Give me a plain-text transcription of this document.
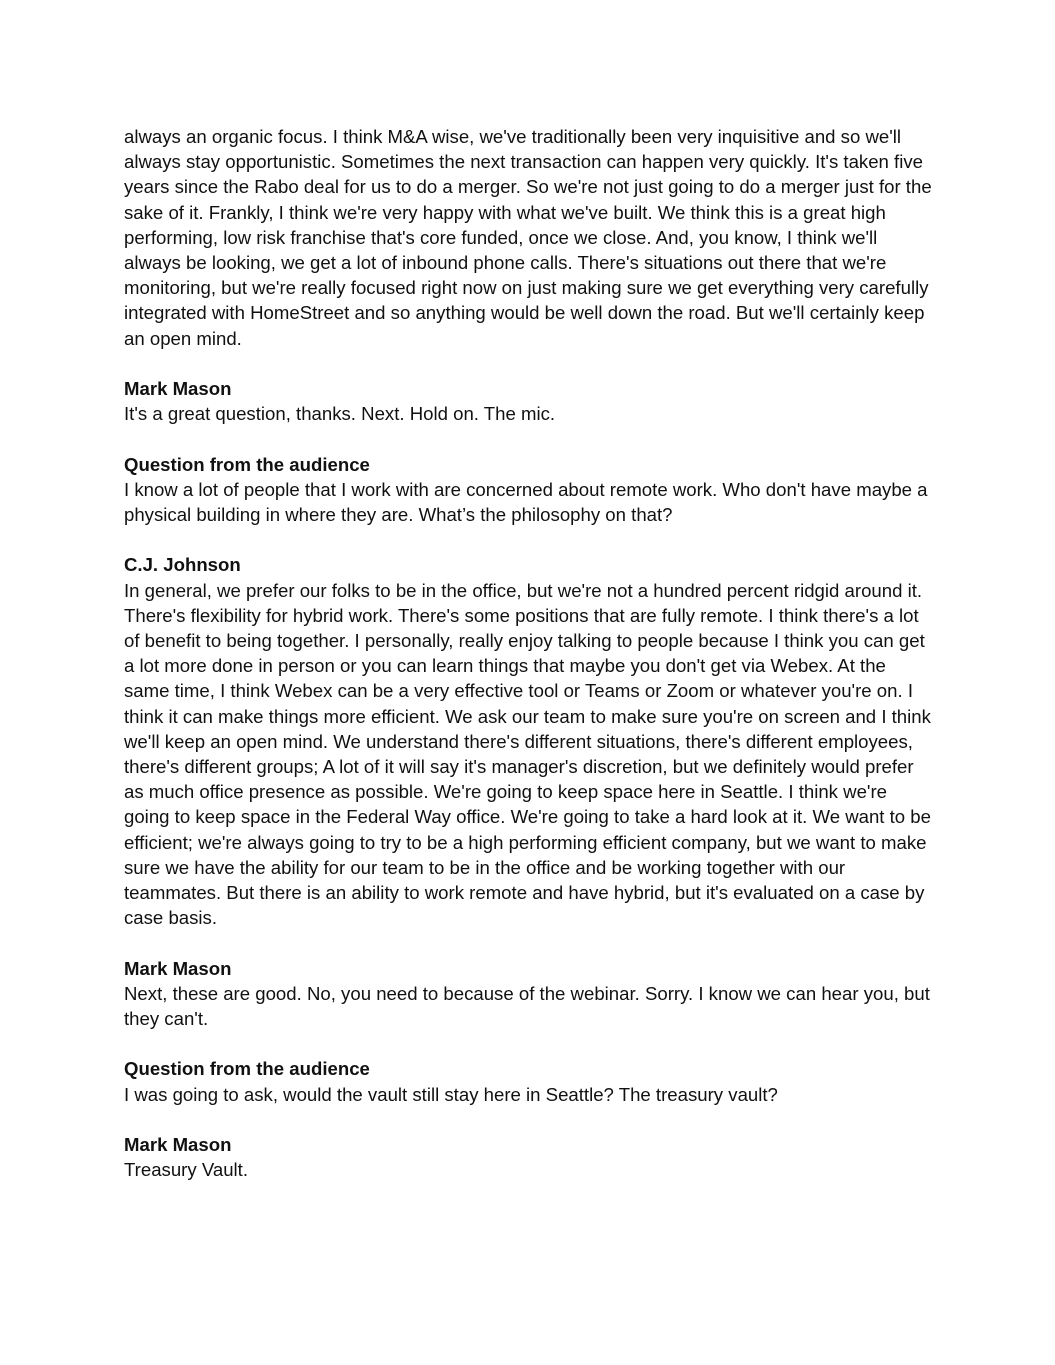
always an organic focus. I think M&A wise, we've traditionally been very inquisitive and so we'll always stay opportunistic. Sometimes the next transaction can happen very quickly. It's taken five years since the Rabo deal for us to do a merger. So we're not just going to do a merger just for the sake of it. Frankly, I think we're very happy with what we've built. We think this is a great high performing, low risk franchise that's core funded, once we close. And, you know, I think we'll always be looking, we get a lot of inbound phone calls. There's situations out there that we're monitoring, but we're really focused right now on just making sure we get everything very carefully integrated with HomeStreet and so anything would be well down the road. But we'll certainly keep an open mind.

Mark Mason

It's a great question, thanks. Next. Hold on. The mic.

Question from the audience

I know a lot of people that I work with are concerned about remote work. Who don't have maybe a physical building in where they are. What’s the philosophy on that?

C.J. Johnson

In general, we prefer our folks to be in the office, but we're not a hundred percent ridgid around it. There's flexibility for hybrid work. There's some positions that are fully remote. I think there's a lot of benefit to being together. I personally, really enjoy talking to people because I think you can get a lot more done in person or you can learn things that maybe you don't get via Webex. At the same time, I think Webex can be a very effective tool or Teams or Zoom or whatever you're on. I think it can make things more efficient. We ask our team to make sure you're on screen and I think we'll keep an open mind. We understand there's different situations, there's different employees, there's different groups; A lot of it will say it's manager's discretion, but we definitely would prefer as much office presence as possible. We're going to keep space here in Seattle. I think we're going to keep space in the Federal Way office. We're going to take a hard look at it. We want to be efficient; we're always going to try to be a high performing efficient company, but we want to make sure we have the ability for our team to be in the office and be working together with our teammates. But there is an ability to work remote and have hybrid, but it's evaluated on a case by case basis.

Mark Mason

Next, these are good. No, you need to because of the webinar. Sorry. I know we can hear you, but they can't.

Question from the audience

I was going to ask, would the vault still stay here in Seattle? The treasury vault?

Mark Mason

Treasury Vault.
